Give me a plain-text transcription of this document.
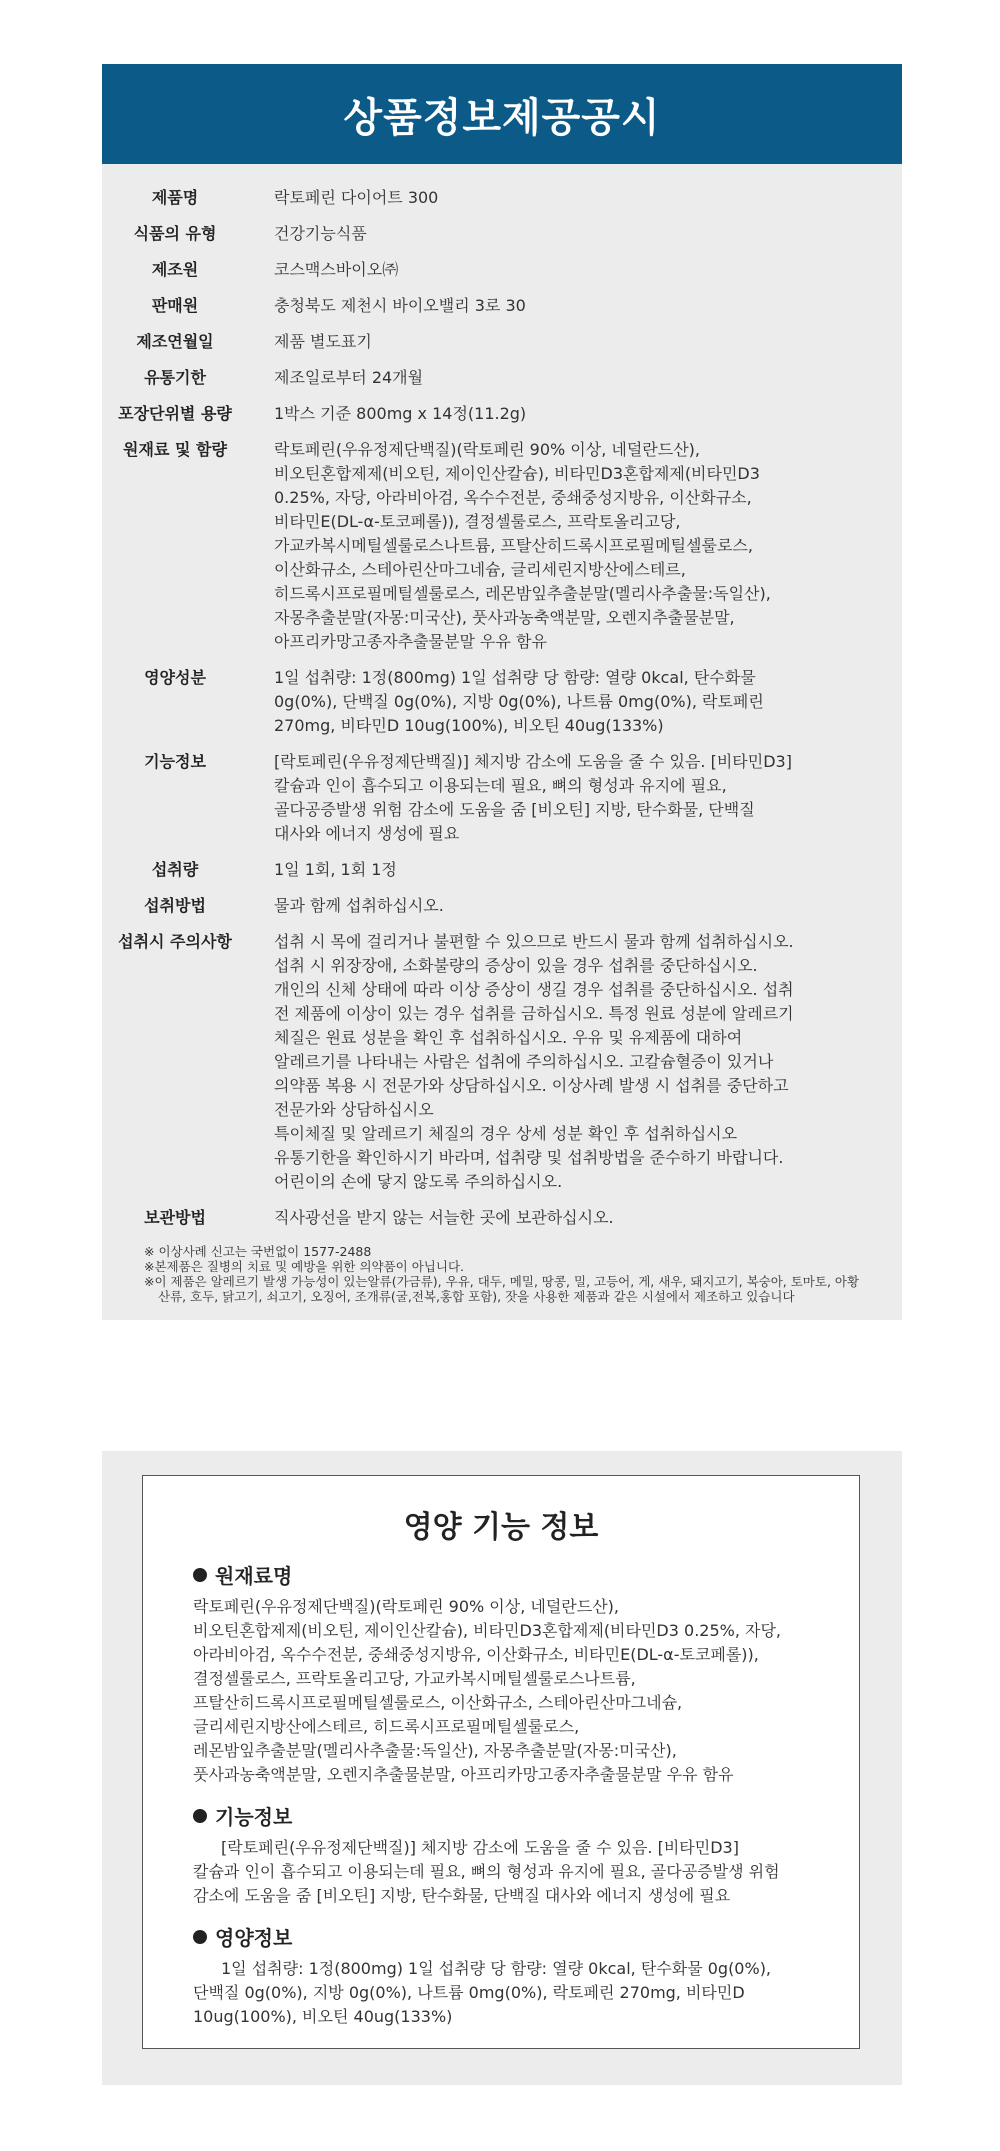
상품정보제공공시
제품명	락토페린 다이어트 300
식품의 유형	건강기능식품
제조원	코스맥스바이오㈜
판매원	충청북도 제천시 바이오밸리 3로 30
제조연월일	제품 별도표기
유통기한	제조일로부터 24개월
포장단위별 용량	1박스 기준 800mg x 14정(11.2g)
원재료 및 함량	락토페린(우유정제단백질)(락토페린 90% 이상, 네덜란드산),
비오틴혼합제제(비오틴, 제이인산칼슘), 비타민D3혼합제제(비타민D3
0.25%, 자당, 아라비아검, 옥수수전분, 중쇄중성지방유, 이산화규소,
비타민E(DL-α-토코페롤)), 결정셀룰로스, 프락토올리고당,
가교카복시메틸셀룰로스나트륨, 프탈산히드록시프로필메틸셀룰로스,
이산화규소, 스테아린산마그네슘, 글리세린지방산에스테르,
히드록시프로필메틸셀룰로스, 레몬밤잎추출분말(멜리사추출물:독일산),
자몽추출분말(자몽:미국산), 풋사과농축액분말, 오렌지추출물분말,
아프리카망고종자추출물분말 우유 함유
영양성분	1일 섭취량: 1정(800mg) 1일 섭취량 당 함량: 열량 0kcal, 탄수화물
0g(0%), 단백질 0g(0%), 지방 0g(0%), 나트륨 0mg(0%), 락토페린
270mg, 비타민D 10ug(100%), 비오틴 40ug(133%)
기능정보	[락토페린(우유정제단백질)] 체지방 감소에 도움을 줄 수 있음. [비타민D3]
칼슘과 인이 흡수되고 이용되는데 필요, 뼈의 형성과 유지에 필요,
골다공증발생 위험 감소에 도움을 줌 [비오틴] 지방, 탄수화물, 단백질
대사와 에너지 생성에 필요
섭취량	1일 1회, 1회 1정
섭취방법	물과 함께 섭취하십시오.
섭취시 주의사항	섭취 시 목에 걸리거나 불편할 수 있으므로 반드시 물과 함께 섭취하십시오.
섭취 시 위장장애, 소화불량의 증상이 있을 경우 섭취를 중단하십시오.
개인의 신체 상태에 따라 이상 증상이 생길 경우 섭취를 중단하십시오. 섭취
전 제품에 이상이 있는 경우 섭취를 금하십시오. 특정 원료 성분에 알레르기
체질은 원료 성분을 확인 후 섭취하십시오. 우유 및 유제품에 대하여
알레르기를 나타내는 사람은 섭취에 주의하십시오. 고칼슘혈증이 있거나
의약품 복용 시 전문가와 상담하십시오. 이상사례 발생 시 섭취를 중단하고
전문가와 상담하십시오
특이체질 및 알레르기 체질의 경우 상세 성분 확인 후 섭취하십시오
유통기한을 확인하시기 바라며, 섭취량 및 섭취방법을 준수하기 바랍니다.
어린이의 손에 닿지 않도록 주의하십시오.
보관방법	직사광선을 받지 않는 서늘한 곳에 보관하십시오.
※ 이상사례 신고는 국번없이 1577-2488
※본제품은 질병의 치료 및 예방을 위한 의약품이 아닙니다.
※이 제품은 알레르기 발생 가능성이 있는알류(가금류), 우유, 대두, 메밀, 땅콩, 밀, 고등어, 게, 새우, 돼지고기, 복숭아, 토마토, 아황산류, 호두, 닭고기, 쇠고기, 오징어, 조개류(굴,전복,홍합 포함), 잣을 사용한 제품과 같은 시설에서 제조하고 있습니다
영양 기능 정보
원재료명
락토페린(우유정제단백질)(락토페린 90% 이상, 네덜란드산),
비오틴혼합제제(비오틴, 제이인산칼슘), 비타민D3혼합제제(비타민D3 0.25%, 자당,
아라비아검, 옥수수전분, 중쇄중성지방유, 이산화규소, 비타민E(DL-α-토코페롤)),
결정셀룰로스, 프락토올리고당, 가교카복시메틸셀룰로스나트륨,
프탈산히드록시프로필메틸셀룰로스, 이산화규소, 스테아린산마그네슘,
글리세린지방산에스테르, 히드록시프로필메틸셀룰로스,
레몬밤잎추출분말(멜리사추출물:독일산), 자몽추출분말(자몽:미국산),
풋사과농축액분말, 오렌지추출물분말, 아프리카망고종자추출물분말 우유 함유
기능정보
[락토페린(우유정제단백질)] 체지방 감소에 도움을 줄 수 있음. [비타민D3]
칼슘과 인이 흡수되고 이용되는데 필요, 뼈의 형성과 유지에 필요, 골다공증발생 위험
감소에 도움을 줌 [비오틴] 지방, 탄수화물, 단백질 대사와 에너지 생성에 필요
영양정보
1일 섭취량: 1정(800mg) 1일 섭취량 당 함량: 열량 0kcal, 탄수화물 0g(0%),
단백질 0g(0%), 지방 0g(0%), 나트륨 0mg(0%), 락토페린 270mg, 비타민D
10ug(100%), 비오틴 40ug(133%)
